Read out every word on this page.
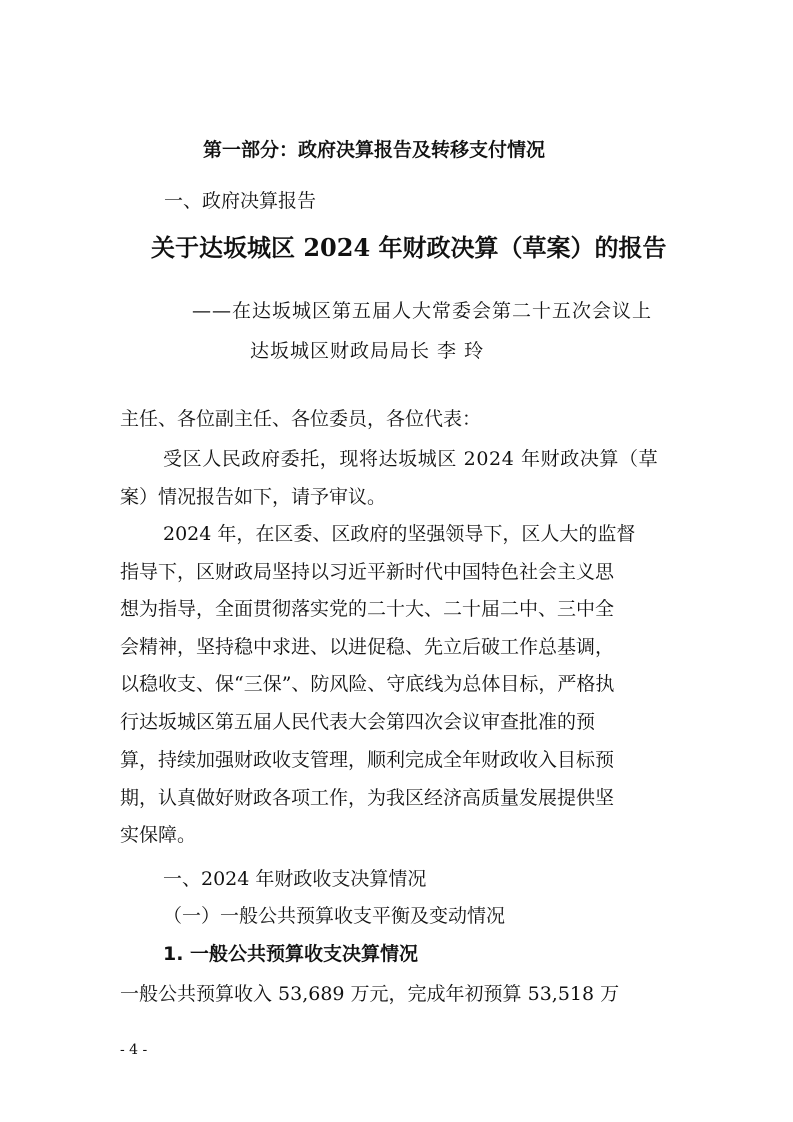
第一部分：政府决算报告及转移支付情况
一、政府决算报告
关于达坂城区 2024 年财政决算（草案）的报告
——在达坂城区第五届人大常委会第二十五次会议上
达坂城区财政局局长 李 玲
主任、各位副主任、各位委员，各位代表：
受区人民政府委托，现将达坂城区 2024 年财政决算（草
案）情况报告如下，请予审议。
2024 年，在区委、区政府的坚强领导下，区人大的监督
指导下，区财政局坚持以习近平新时代中国特色社会主义思
想为指导，全面贯彻落实党的二十大、二十届二中、三中全
会精神，坚持稳中求进、以进促稳、先立后破工作总基调，
以稳收支、保“三保”、防风险、守底线为总体目标，严格执
行达坂城区第五届人民代表大会第四次会议审查批准的预
算，持续加强财政收支管理，顺利完成全年财政收入目标预
期，认真做好财政各项工作，为我区经济高质量发展提供坚
实保障。
一、2024 年财政收支决算情况
（一）一般公共预算收支平衡及变动情况
1. 一般公共预算收支决算情况
一般公共预算收入 53,689 万元，完成年初预算 53,518 万
- 4 -
